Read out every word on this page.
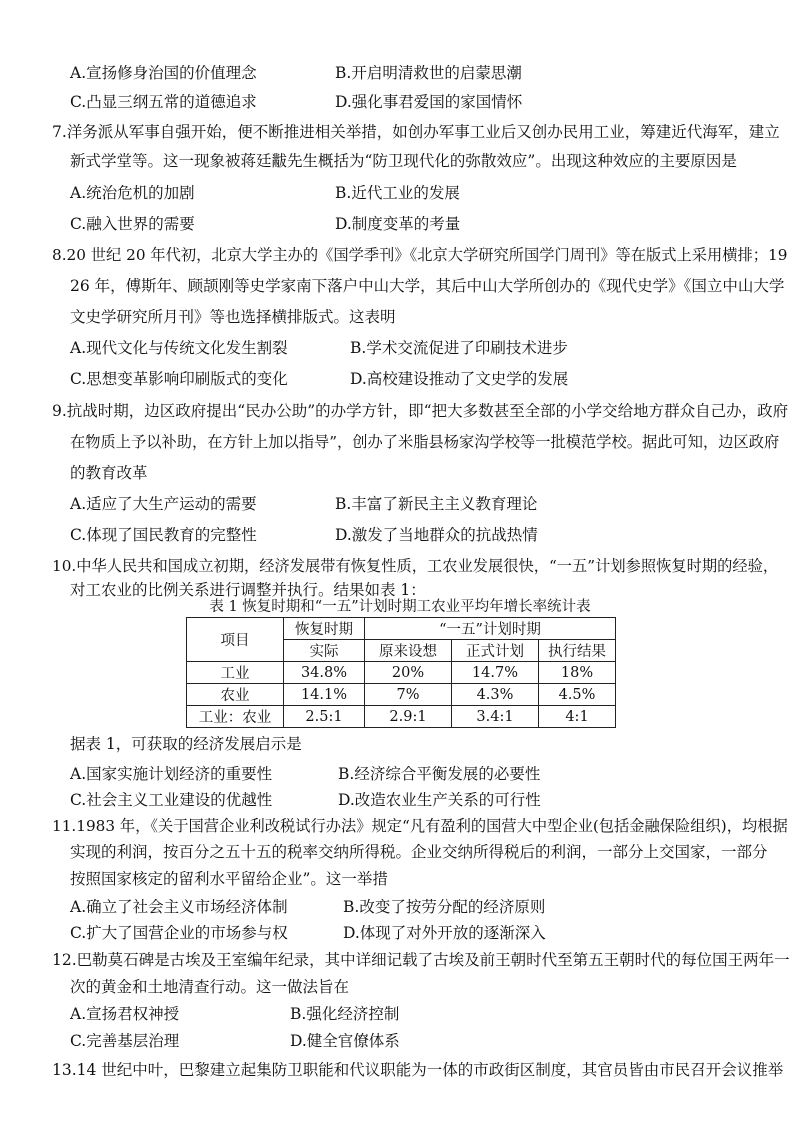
A.宣扬修身治国的价值理念	B.开启明清救世的启蒙思潮
C.凸显三纲五常的道德追求	D.强化事君爱国的家国情怀
7.洋务派从军事自强开始，便不断推进相关举措，如创办军事工业后又创办民用工业，筹建近代海军，建立
新式学堂等。这一现象被蒋廷黻先生概括为“防卫现代化的弥散效应”。出现这种效应的主要原因是
A.统治危机的加剧	B.近代工业的发展
C.融入世界的需要	D.制度变革的考量
8.20 世纪 20 年代初，北京大学主办的《国学季刊》《北京大学研究所国学门周刊》等在版式上采用横排；19
26 年，傅斯年、顾颉刚等史学家南下落户中山大学，其后中山大学所创办的《现代史学》《国立中山大学
文史学研究所月刊》等也选择横排版式。这表明
A.现代文化与传统文化发生割裂	B.学术交流促进了印刷技术进步
C.思想变革影响印刷版式的变化	D.高校建设推动了文史学的发展
9.抗战时期，边区政府提出“民办公助”的办学方针，即“把大多数甚至全部的小学交给地方群众自己办，政府
在物质上予以补助，在方针上加以指导”，创办了米脂县杨家沟学校等一批模范学校。据此可知，边区政府
的教育改革
A.适应了大生产运动的需要	B.丰富了新民主主义教育理论
C.体现了国民教育的完整性	D.激发了当地群众的抗战热情
10.中华人民共和国成立初期，经济发展带有恢复性质，工农业发展很快，“一五”计划参照恢复时期的经验，
对工农业的比例关系进行调整并执行。结果如表 1：
表 1 恢复时期和“一五”计划时期工农业平均年增长率统计表
项目	恢复时期	“一五”计划时期		
	实际	原来设想	正式计划	执行结果
工业	34.8%	20%	14.7%	18%
农业	14.1%	7%	4.3%	4.5%
工业：农业	2.5:1	2.9:1	3.4:1	4:1
据表 1，可获取的经济发展启示是
A.国家实施计划经济的重要性	B.经济综合平衡发展的必要性
C.社会主义工业建设的优越性	D.改造农业生产关系的可行性
11.1983 年，《关于国营企业利改税试行办法》规定“凡有盈利的国营大中型企业(包括金融保险组织)，均根据
实现的利润，按百分之五十五的税率交纳所得税。企业交纳所得税后的利润，一部分上交国家，一部分
按照国家核定的留利水平留给企业”。这一举措
A.确立了社会主义市场经济体制	B.改变了按劳分配的经济原则
C.扩大了国营企业的市场参与权	D.体现了对外开放的逐渐深入
12.巴勒莫石碑是古埃及王室编年纪录，其中详细记载了古埃及前王朝时代至第五王朝时代的每位国王两年一
次的黄金和土地清查行动。这一做法旨在
A.宣扬君权神授	B.强化经济控制
C.完善基层治理	D.健全官僚体系
13.14 世纪中叶，巴黎建立起集防卫职能和代议职能为一体的市政街区制度，其官员皆由市民召开会议推举
